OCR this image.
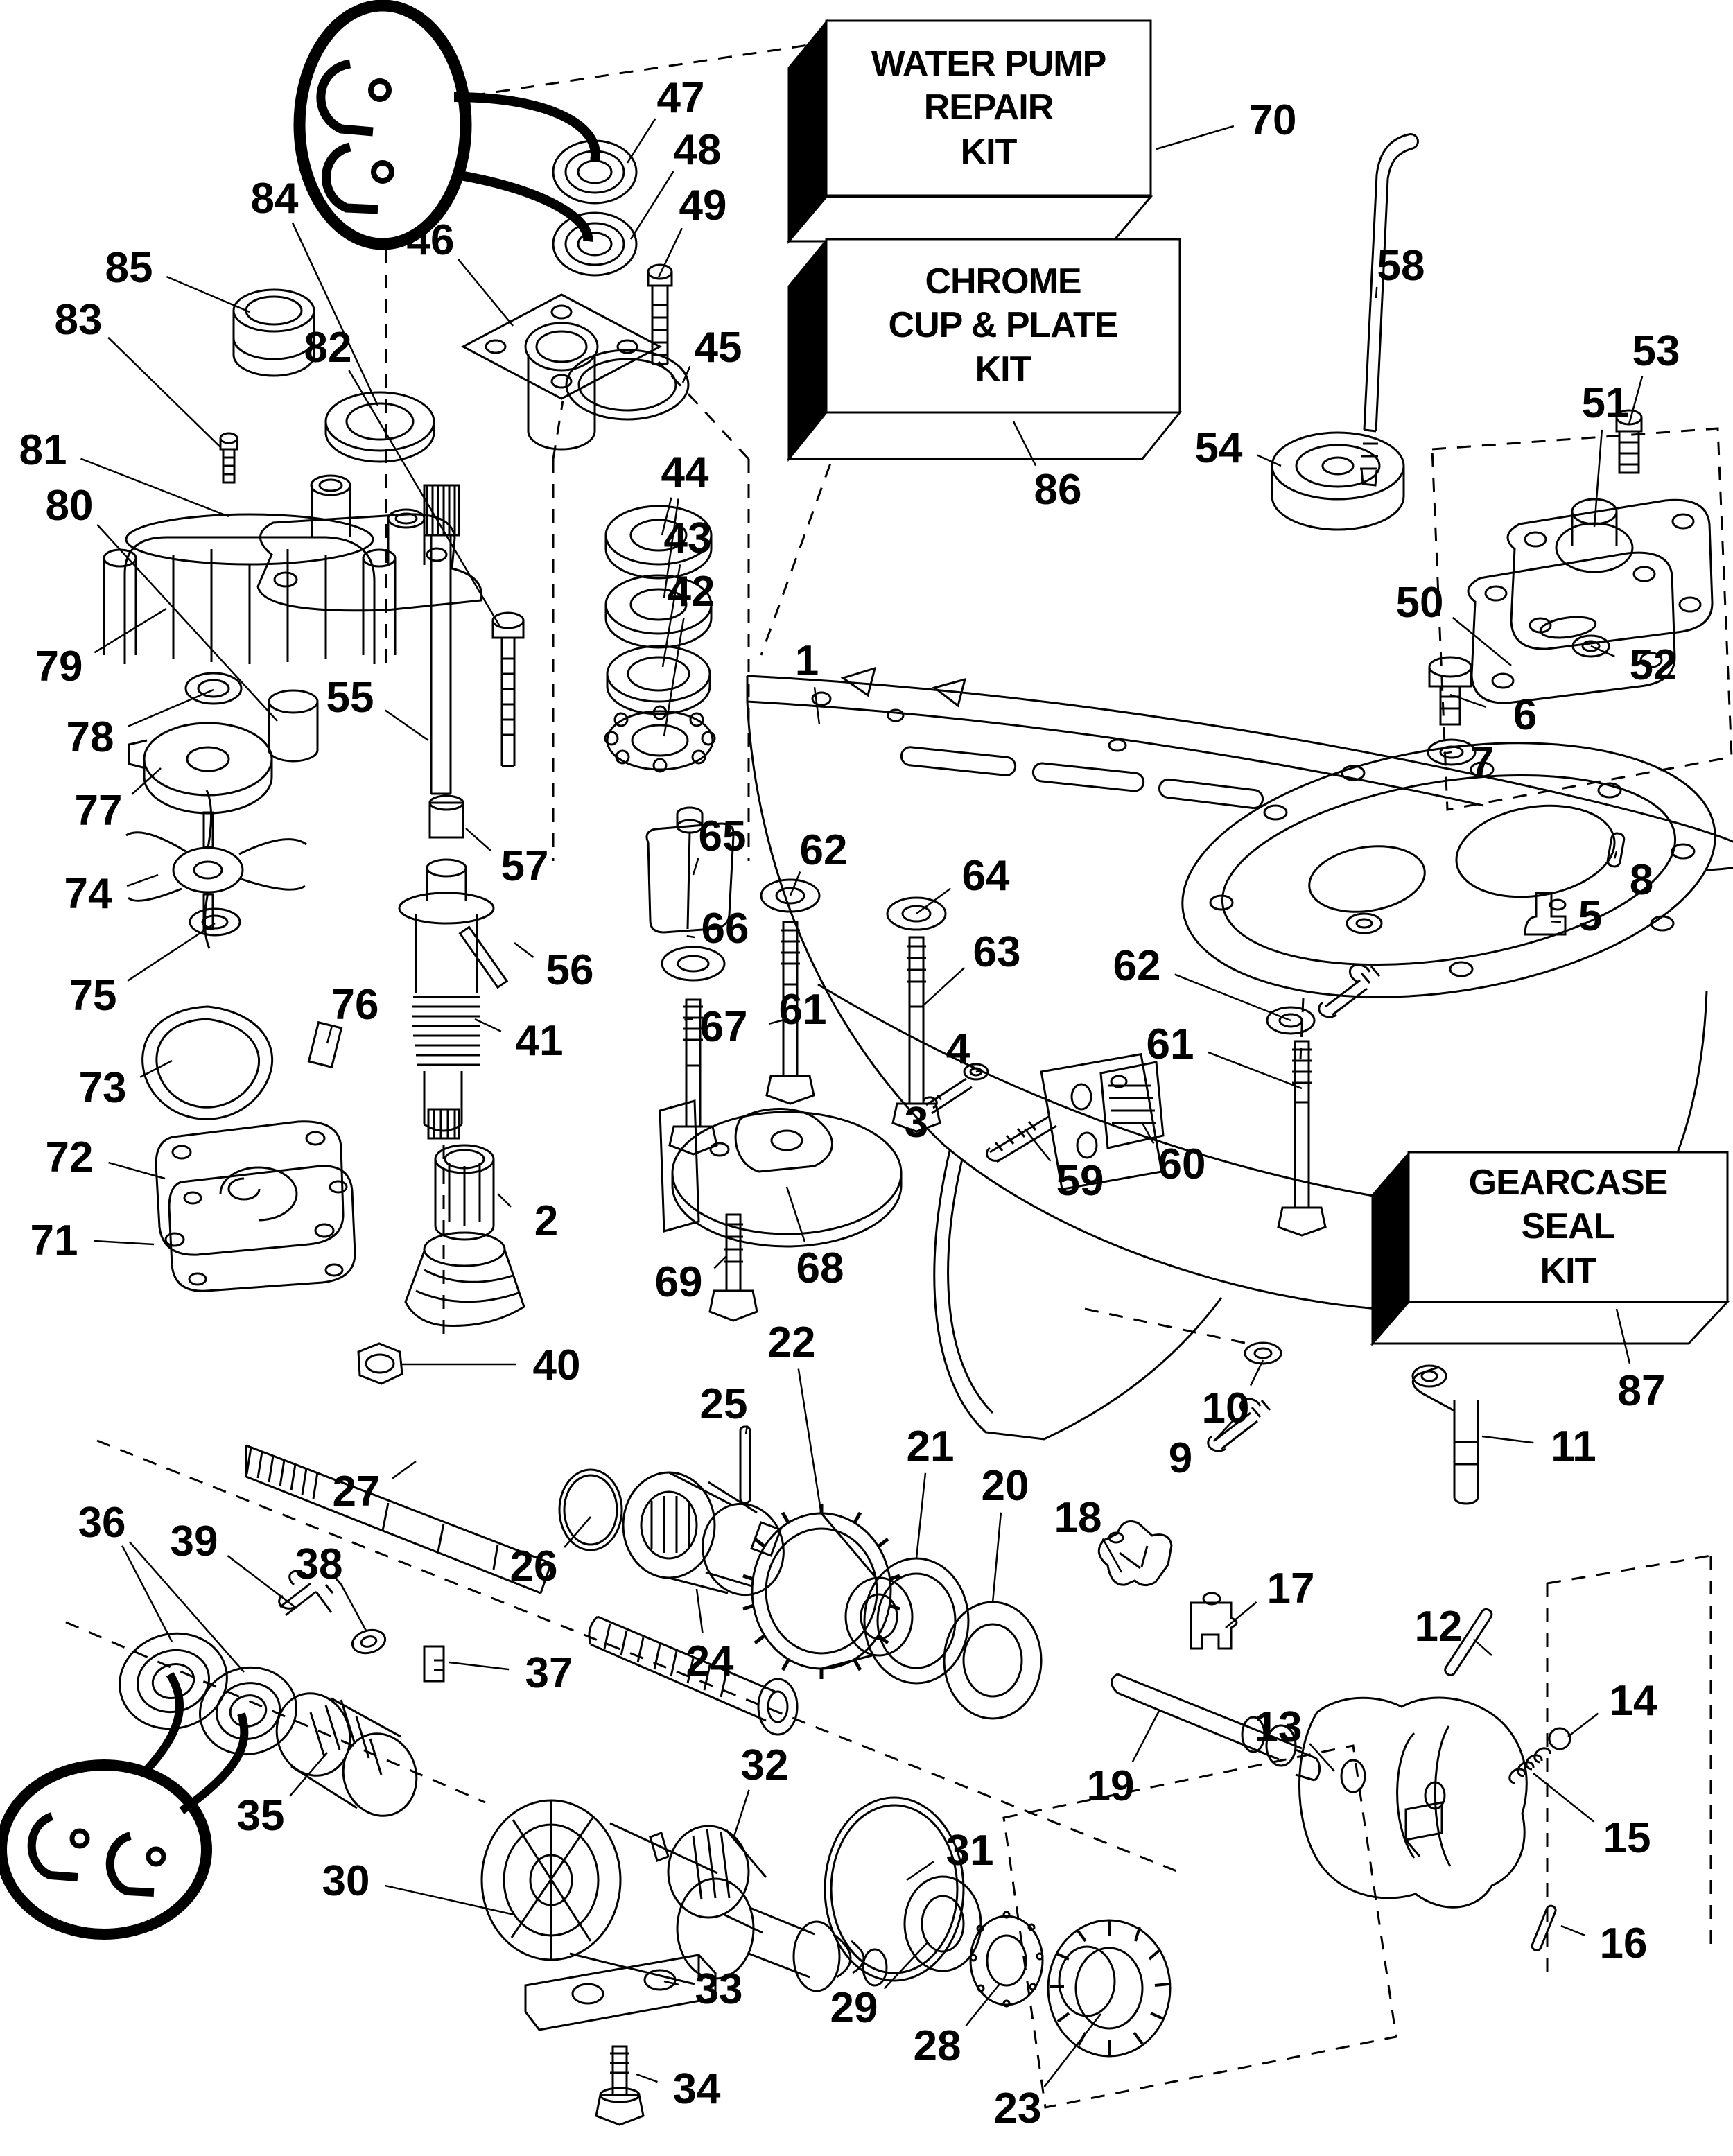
47
48
49
84
46
85
83
82	45
81
80
44
43
42
70
58
53
51
54
86
50
52
1
6
7
79
55
78
77
74
57	8
5
65 62
64
66
61
63 62
61
75	76	67
41
56
73
72
3
4
59 60
71	2
68
69
22
40
10
9
87
11
25
21
20
18
17
12
24
13
14
19
15
16
27
26
36 39 38
37
35
30
32
31
33
34
29
28
23
WATER PUMP
REPAIR
KIT
CHROME
CUP & PLATE
KIT
GEARCASE
SEAL
KIT
